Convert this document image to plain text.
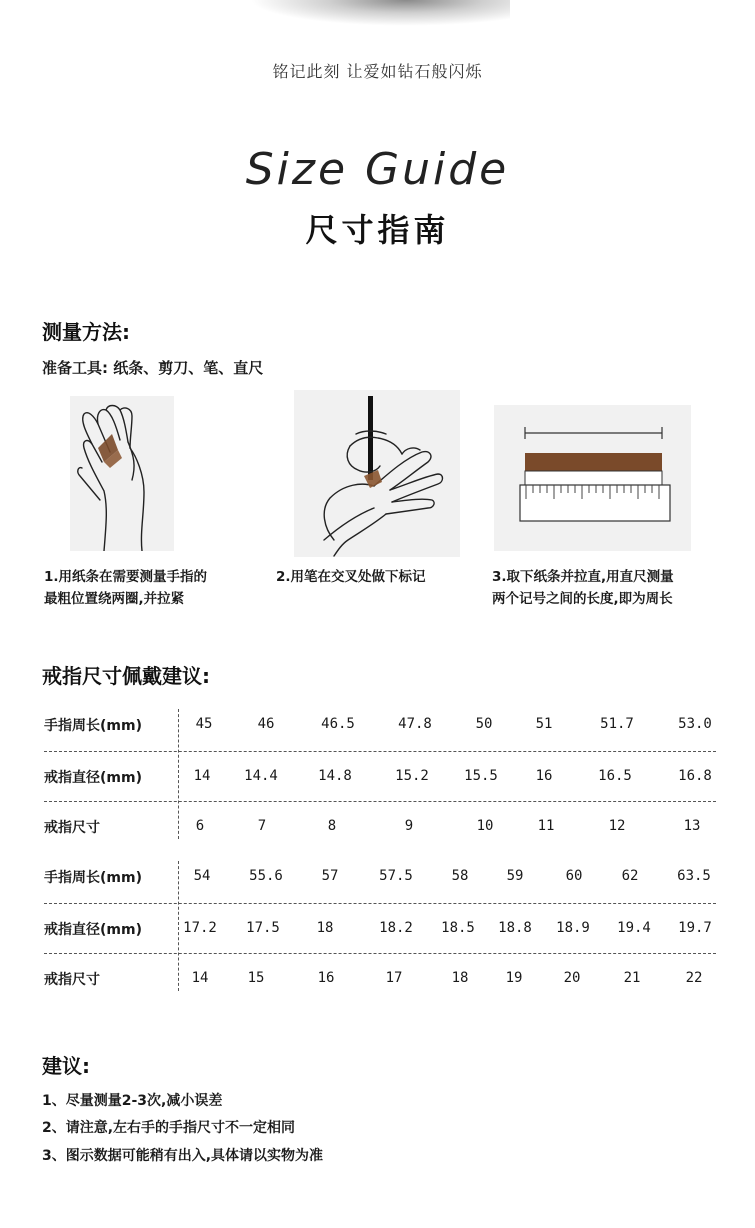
铭记此刻 让爱如钻石般闪烁
Size Guide
尺寸指南
测量方法:
准备工具: 纸条、剪刀、笔、直尺
1.用纸条在需要测量手指的
最粗位置绕两圈,并拉紧
2.用笔在交叉处做下标记	3.取下纸条并拉直,用直尺测量
两个记号之间的长度,即为周长
戒指尺寸佩戴建议:
手指周长(mm)	45	46	46.5	47.8	50	51	51.7	53.0
戒指直径(mm)	14 14.4	14.8	15.2	15.5	16	16.5	16.8
戒指尺寸	6	7	8	9	10	11	12	13
手指周长(mm)	54	55.6	57	57.5	58	59	60	62	63.5
戒指直径(mm)	17.2 17.5	18	18.2 18.5 18.8 18.9 19.4 19.7
戒指尺寸	14	15	16	17	18	19	20	21	22
建议:
1、尽量测量2-3次,减小误差
2、请注意,左右手的手指尺寸不一定相同
3、图示数据可能稍有出入,具体请以实物为准
